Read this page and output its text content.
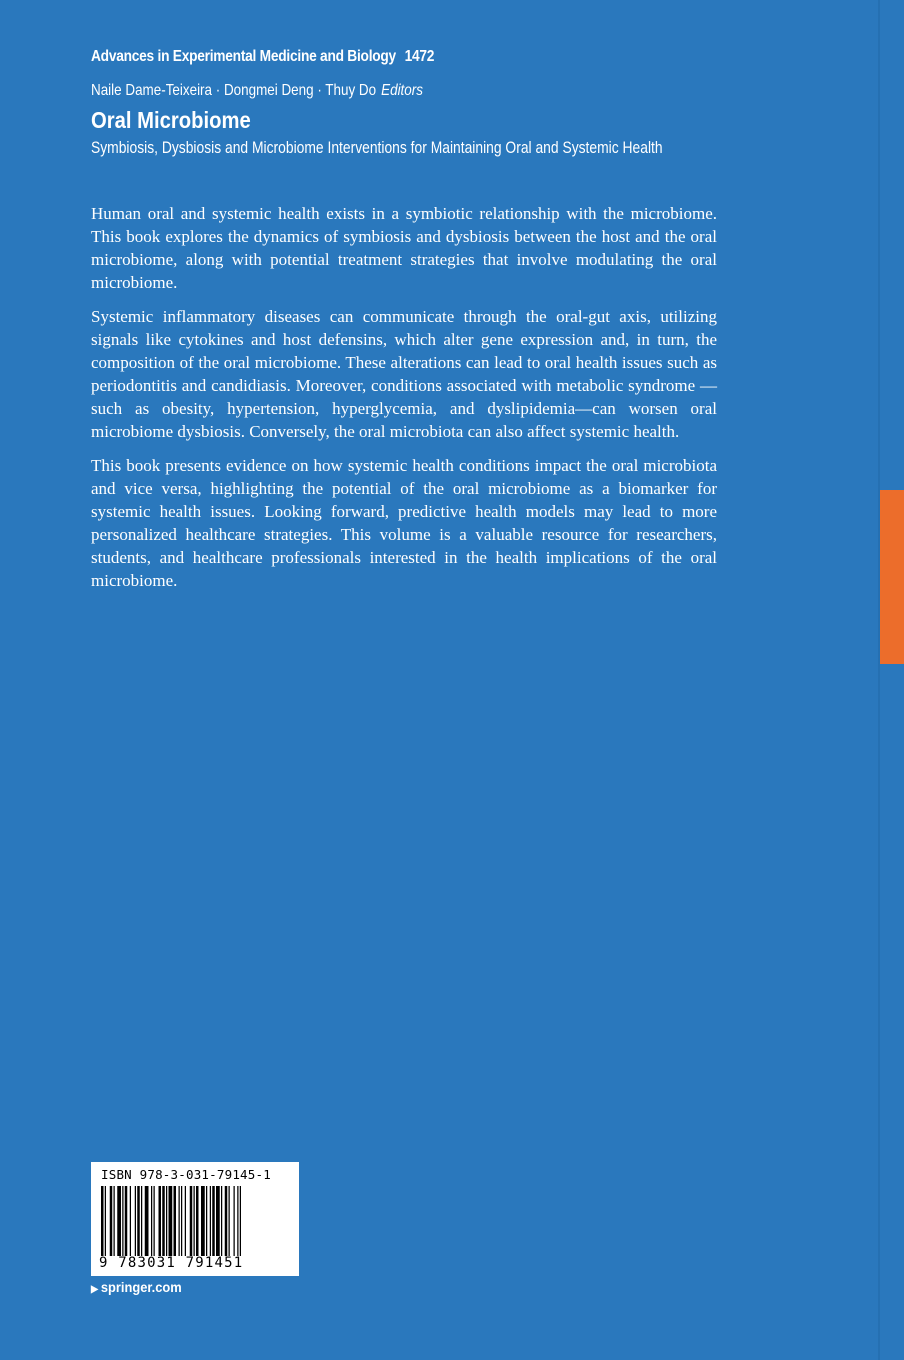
Advances in Experimental Medicine and Biology 1472
Naile Dame-Teixeira · Dongmei Deng · Thuy Do Editors
Oral Microbiome
Symbiosis, Dysbiosis and Microbiome Interventions for Maintaining Oral and Systemic Health

Human oral and systemic health exists in a symbiotic relationship with the microbiome. This book explores the dynamics of symbiosis and dysbiosis between the host and the oral microbiome, along with potential treatment strategies that involve modulating the oral microbiome.

Systemic inflammatory diseases can communicate through the oral-gut axis, utilizing signals like cytokines and host defensins, which alter gene expression and, in turn, the composition of the oral microbiome. These alterations can lead to oral health issues such as periodontitis and candidiasis. Moreover, conditions associated with metabolic syndrome — such as obesity, hypertension, hyperglycemia, and dyslipidemia—can worsen oral microbiome dysbiosis. Conversely, the oral microbiota can also affect systemic health.

This book presents evidence on how systemic health conditions impact the oral microbiota and vice versa, highlighting the potential of the oral microbiome as a biomarker for systemic health issues. Looking forward, predictive health models may lead to more personalized healthcare strategies. This volume is a valuable resource for researchers, students, and healthcare professionals interested in the health implications of the oral microbiome.

ISBN 978-3-031-79145-1
9 783031 791451
▶ springer.com
